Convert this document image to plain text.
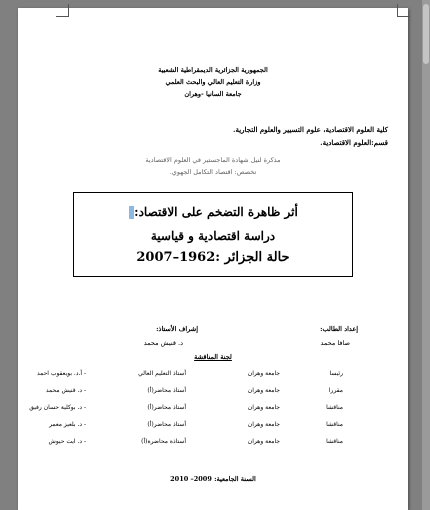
الجمهورية الجزائرية الديمقراطية الشعبية
وزارة التعليم العالي والبحث العلمي
جامعة السانيا -وهران
كلية العلوم الاقتصادية، علوم التسيير والعلوم التجارية.
قسم:العلوم الاقتصادية.
مذكرة لنيل شهادة الماجستير في العلوم الاقتصادية
تخصص: اقتصاد التكامل الجهوي.
أثر ظاهرة التضخم على الاقتصاد:
دراسة اقتصادية و قياسية
حالة الجزائر :1962–2007
إعداد الطالب:
صافا محمد
إشراف الأستاذ:
د. قنيش محمد
لجنة المناقشة
- أ.د. بويعقوب احمد	أستاذ التعليم العالي	جامعة وهران	رئيسا
- د. قنيش محمد	أستاذ محاضر(أ)	جامعة وهران	مقررا
- د. بوكلية حسان رفيق	أستاذ محاضر(أ)	جامعة وهران	مناقشا
- د. بلعيز معمر	أستاذ محاضر(أ)	جامعة وهران	مناقشا
- د. ايت حيوش	أستاذة محاضرة(أ)	جامعة وهران	مناقشا
السنة الجامعية: 2009– 2010
